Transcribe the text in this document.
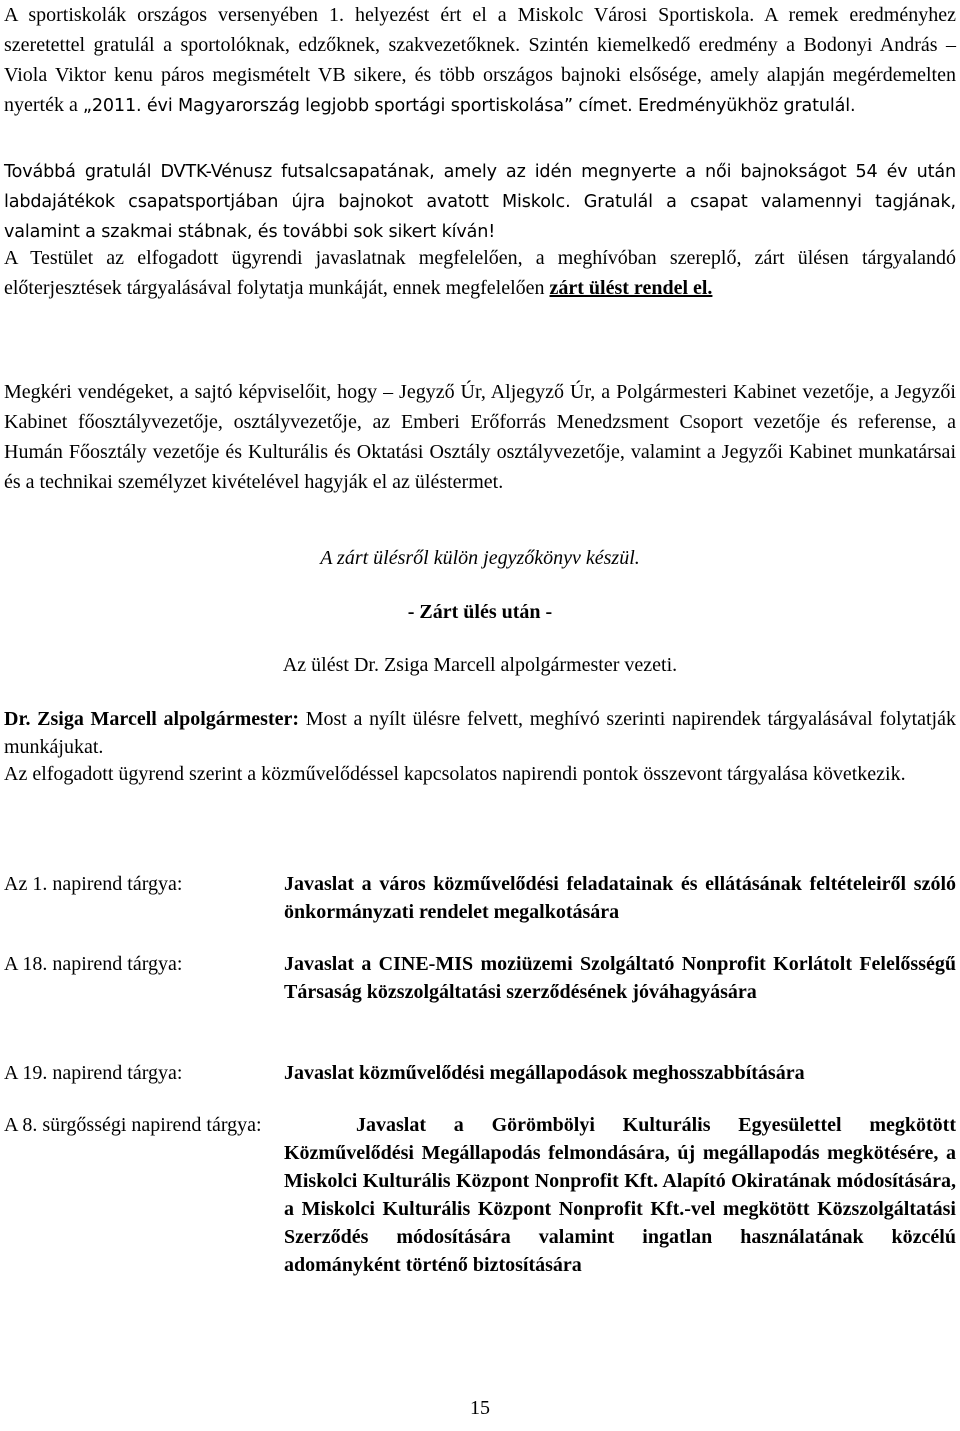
A sportiskolák országos versenyében 1. helyezést ért el a Miskolc Városi Sportiskola. A remek eredményhez szeretettel gratulál a sportolóknak, edzőknek, szakvezetőknek. Szintén kiemelkedő eredmény a Bodonyi András – Viola Viktor kenu páros megismételt VB sikere, és több országos bajnoki elsősége, amely alapján megérdemelten nyerték a „2011. évi Magyarország legjobb sportági sportiskolása” címet. Eredményükhöz gratulál.

Továbbá gratulál DVTK-Vénusz futsalcsapatának, amely az idén megnyerte a női bajnokságot 54 év után labdajátékok csapatsportjában újra bajnokot avatott Miskolc. Gratulál a csapat valamennyi tagjának, valamint a szakmai stábnak, és további sok sikert kíván!

A Testület az elfogadott ügyrendi javaslatnak megfelelően, a meghívóban szereplő, zárt ülésen tárgyalandó előterjesztések tárgyalásával folytatja munkáját, ennek megfelelően zárt ülést rendel el.

Megkéri vendégeket, a sajtó képviselőit, hogy – Jegyző Úr, Aljegyző Úr, a Polgármesteri Kabinet vezetője, a Jegyzői Kabinet főosztályvezetője, osztályvezetője, az Emberi Erőforrás Menedzsment Csoport vezetője és referense, a Humán Főosztály vezetője és Kulturális és Oktatási Osztály osztályvezetője, valamint a Jegyzői Kabinet munkatársai és a technikai személyzet kivételével hagyják el az üléstermet.

A zárt ülésről külön jegyzőkönyv készül.

- Zárt ülés után -

Az ülést Dr. Zsiga Marcell alpolgármester vezeti.

Dr. Zsiga Marcell alpolgármester: Most a nyílt ülésre felvett, meghívó szerinti napirendek tárgyalásával folytatják munkájukat.

Az elfogadott ügyrend szerint a közművelődéssel kapcsolatos napirendi pontok összevont tárgyalása következik.

Az 1. napirend tárgya:	Javaslat a város közművelődési feladatainak és ellátásának feltételeiről szóló önkormányzati rendelet megalkotására
A 18. napirend tárgya:	Javaslat a CINE-MIS moziüzemi Szolgáltató Nonprofit Korlátolt Felelősségű Társaság közszolgáltatási szerződésének jóváhagyására
A 19. napirend tárgya:	Javaslat közművelődési megállapodások meghosszabbítására
A 8. sürgősségi napirend tárgya:	Javaslat a Görömbölyi Kulturális Egyesülettel megkötött Közművelődési Megállapodás felmondására, új megállapodás megkötésére, a Miskolci Kulturális Központ Nonprofit Kft. Alapító Okiratának módosítására, a Miskolci Kulturális Központ Nonprofit Kft.-vel megkötött Közszolgáltatási Szerződés módosítására valamint ingatlan használatának közcélú adományként történő biztosítására
15
